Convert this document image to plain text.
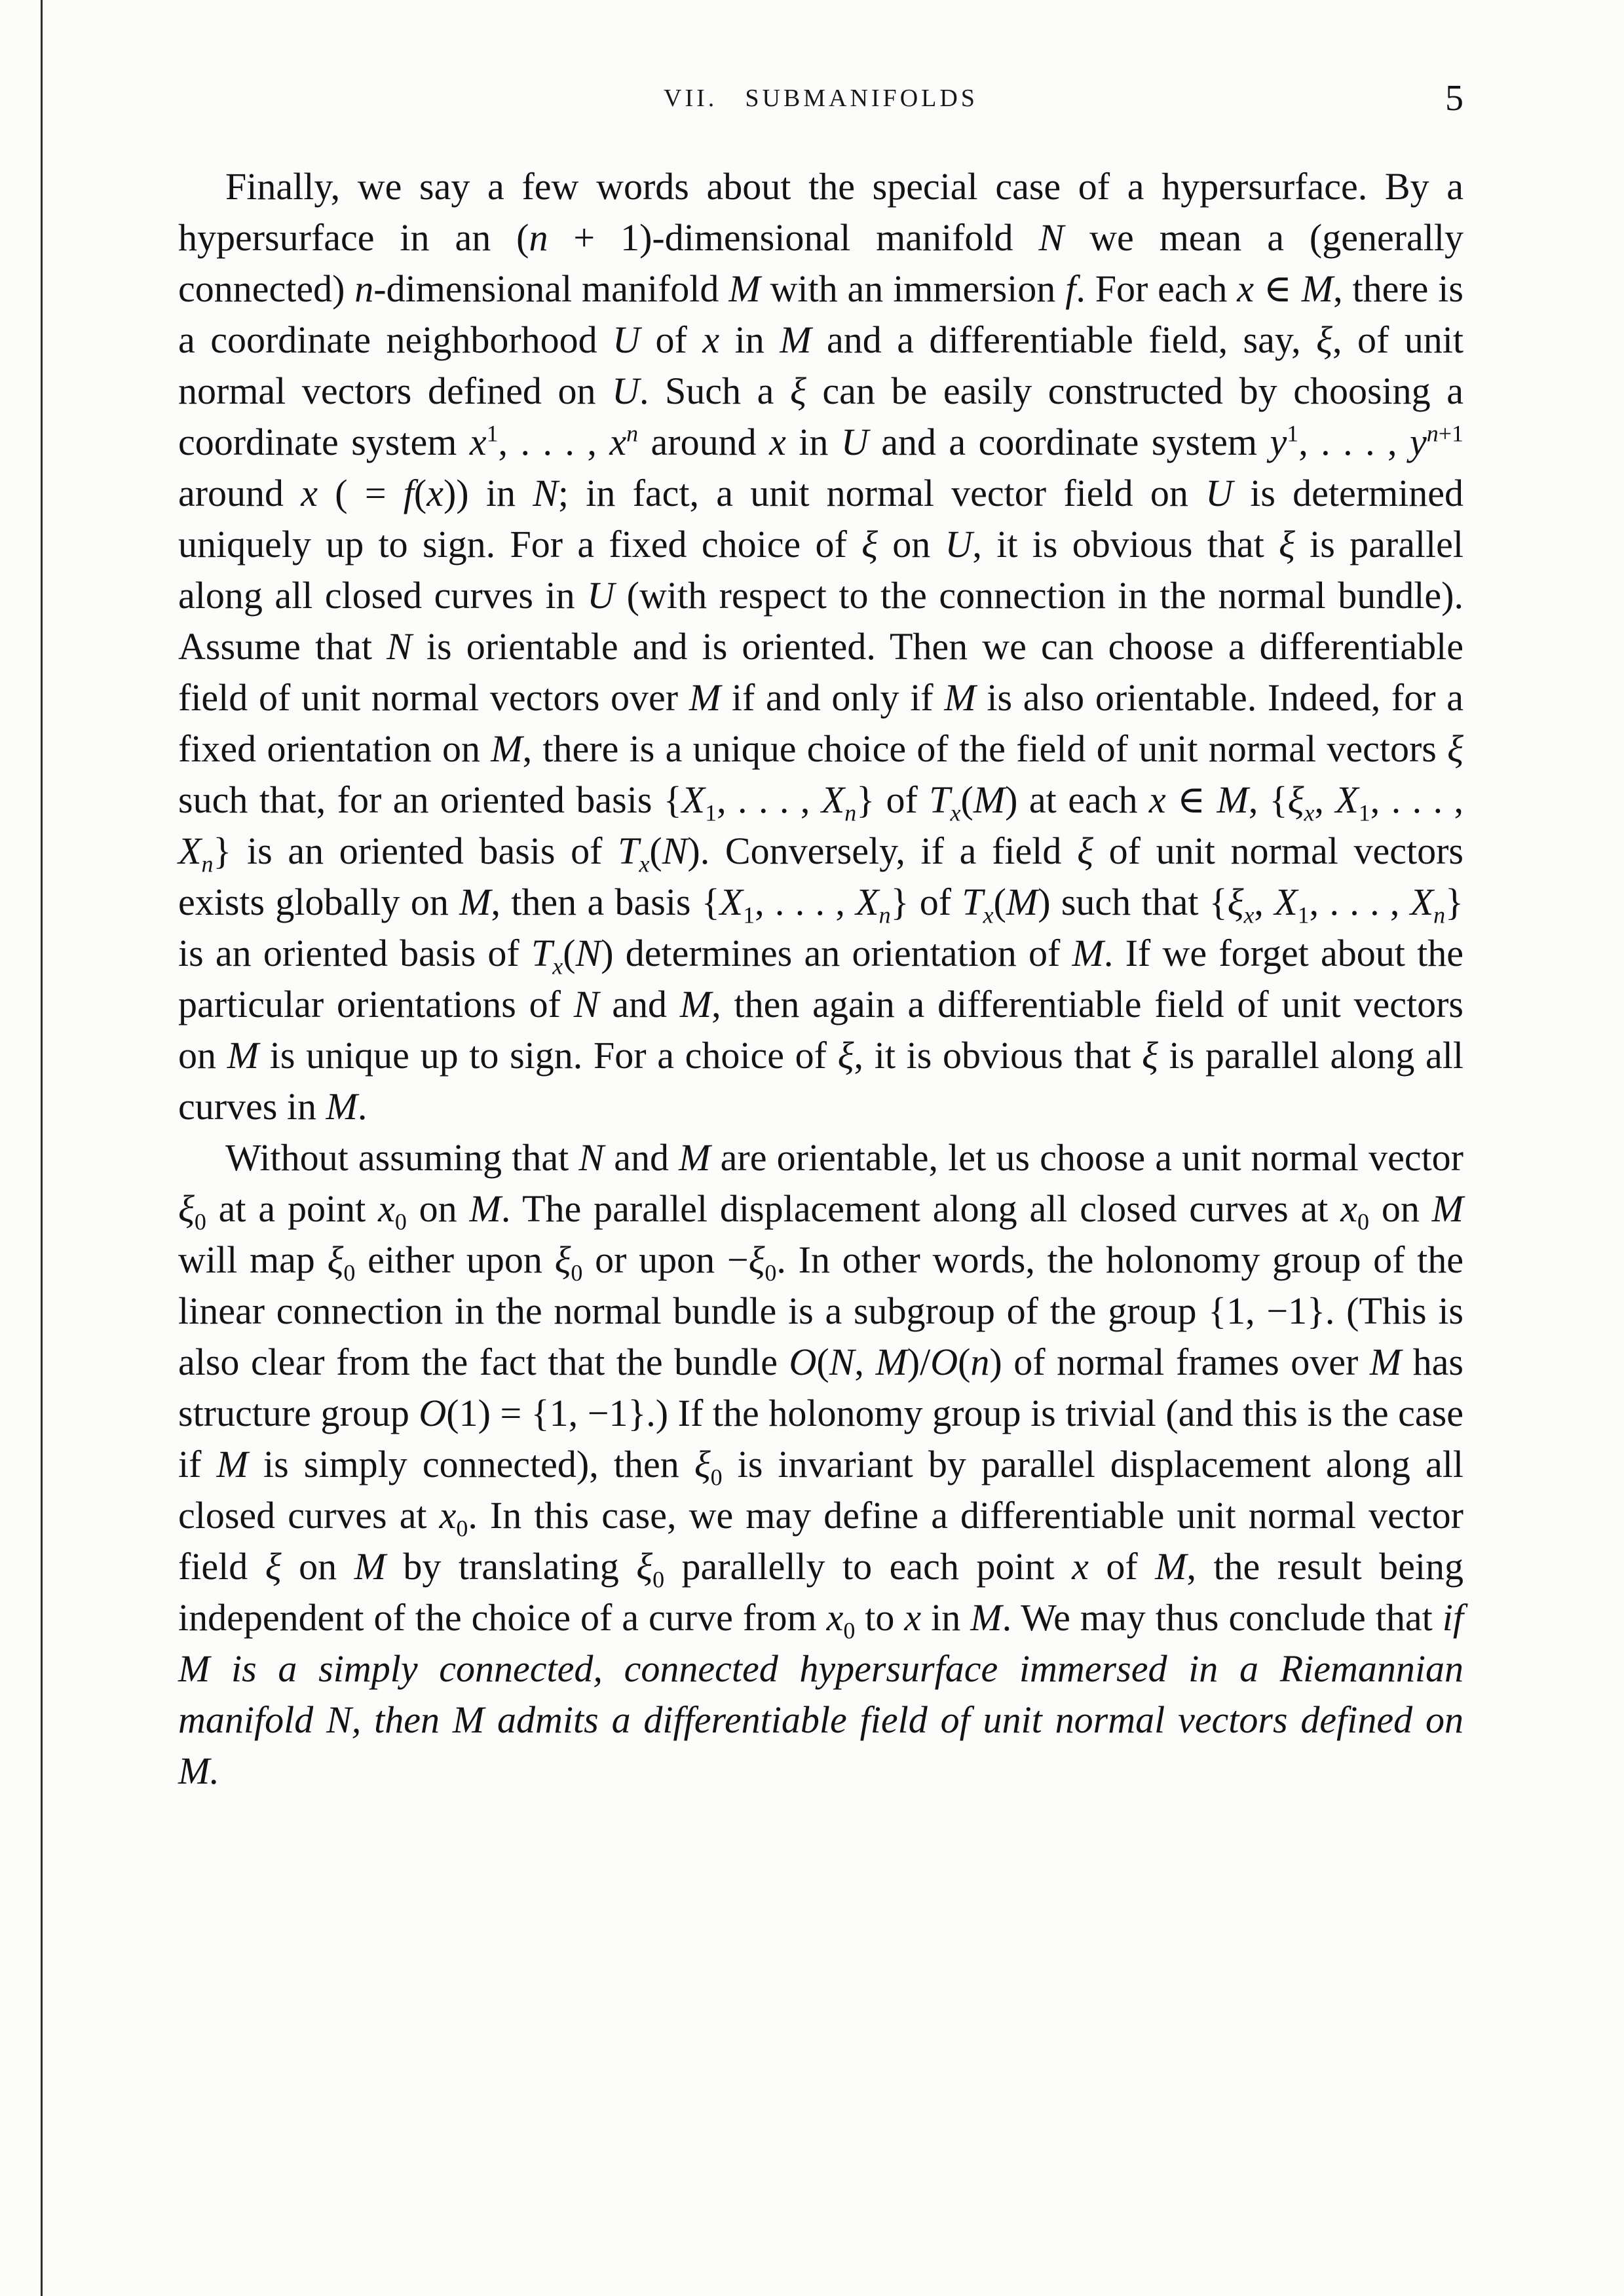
VII. SUBMANIFOLDS	5

Finally, we say a few words about the special case of a hypersurface. By a hypersurface in an (n + 1)-dimensional manifold N we mean a (generally connected) n-dimensional manifold M with an immersion f. For each x ∈ M, there is a coordinate neighborhood U of x in M and a differentiable field, say, ξ, of unit normal vectors defined on U. Such a ξ can be easily constructed by choosing a coordinate system $x^1$, . . . , $x^n$ around x in U and a coordinate system $y^1$, . . . , $y^{n+1}$ around x ( = f(x)) in N; in fact, a unit normal vector field on U is determined uniquely up to sign. For a fixed choice of ξ on U, it is obvious that ξ is parallel along all closed curves in U (with respect to the connection in the normal bundle). Assume that N is orientable and is oriented. Then we can choose a differentiable field of unit normal vectors over M if and only if M is also orientable. Indeed, for a fixed orientation on M, there is a unique choice of the field of unit normal vectors ξ such that, for an oriented basis {$X_1$, . . . , $X_n$} of $T_x(M)$ at each x ∈ M, {$\xi_x$, $X_1$, . . . , $X_n$} is an oriented basis of $T_x(N)$. Conversely, if a field ξ of unit normal vectors exists globally on M, then a basis {$X_1$, . . . , $X_n$} of $T_x(M)$ such that {$\xi_x$, $X_1$, . . . , $X_n$} is an oriented basis of $T_x(N)$ determines an orientation of M. If we forget about the particular orientations of N and M, then again a differentiable field of unit vectors on M is unique up to sign. For a choice of ξ, it is obvious that ξ is parallel along all curves in M.

Without assuming that N and M are orientable, let us choose a unit normal vector $\xi_0$ at a point $x_0$ on M. The parallel displacement along all closed curves at $x_0$ on M will map $\xi_0$ either upon $\xi_0$ or upon $-\xi_0$. In other words, the holonomy group of the linear connection in the normal bundle is a subgroup of the group {1, −1}. (This is also clear from the fact that the bundle O(N, M)/O(n) of normal frames over M has structure group O(1) = {1, −1}.) If the holonomy group is trivial (and this is the case if M is simply connected), then $\xi_0$ is invariant by parallel displacement along all closed curves at $x_0$. In this case, we may define a differentiable unit normal vector field ξ on M by translating $\xi_0$ parallelly to each point x of M, the result being independent of the choice of a curve from $x_0$ to x in M. We may thus conclude that if M is a simply connected, connected hypersurface immersed in a Riemannian manifold N, then M admits a differentiable field of unit normal vectors defined on M.
